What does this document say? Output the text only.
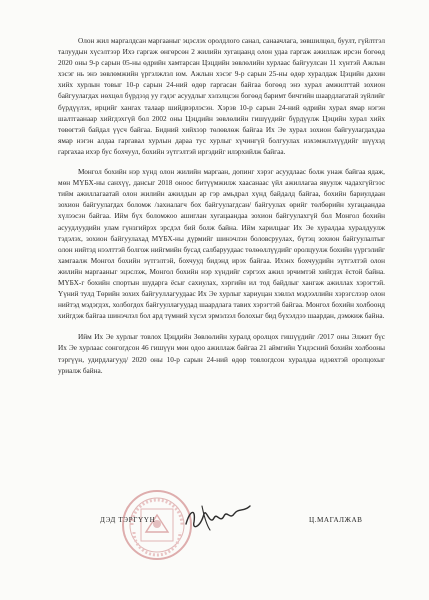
Олон жил маргалдсан маргааныг эцэслэх оролдлого санал, санаачлага, зөвшилцөл, буулт, гүйлтгэл талуудын хүсэлтээр Ихэ гаргаж өнгөрсөн 2 жилийн хугацаанд олон удаа гаргаж ажиллаж ирсэн богөөд 2020 оны 9-р сарын 05-ны өдрийн хамтарсан Цэцдийн зөвлөлийн хурлаас байгуулсан 11 хүнтэй Ажлын хэсэг нь энэ зөвлөмжийн үргэлжлэл юм. Ажлын хэсэг 9-р сарын 25-ны өдөр хуралдаж Цэцийн дахин хийх хурлын товыг 10-р сарын 24-ний өдөр гаргасан байгаа богөөд энэ хурал амжилттай зохион байгуулагдах нөхцөл бүрдээд уу гэдэг асуудлыг хэлэлцсэн богөөд баримт бичгийн шаардлагатай зүйлийг бүрдүүлэх, ирцийг хангах талаар шийдвэрлэсэн. Хэрэв 10-р сарын 24-ний өдрийн хурал ямар нэгэн шалтгаанаар хийгдэхгүй бол 2002 оны Цэцдийн зөвлөлийн гишүүдийг бүрдүүлж Цэцийн хурал хийх төвөгтэй байдал үүсч байгаа. Бидний хийхээр төлөвлөж байгаа Их Эе хурал зохион байгуулагдахдаа ямар нэгэн алдаа гаргавал хурлын дараа тус хурлыг хүчингүй болгуулах нэхэмжлэлүүдийг шүүхэд гаргахаа ихэр бус бохчуул, бохийн эүтгэлтэй иргэдийг илэрхийлж байгаа.

Монгол бохийн нэр хүнд олон жилийн маргаан, допинг хэрэг асуудлаас болж унаж байгаа ядаж, мөн МҮБХ-ны санхүү, дансыг 2018 оноос битүүмжилж хаасанаас үйл ажиллагаа явуулж чадахгүйгээс тийм ажиллагаатай олон жилийн ажилдын ар гэр амьдрал хүнд байдалд байгаа, бохийн бариулдаан зохион байгуулагдах боломж /захиалагч бох байгуулагдсан/ байгуулах өрийг төлбөрийн хугацаандаа хүлээсэн байгаа. Ийм бүх боломжоо ашиглан хугацаандаа зохион байгуулахгүй бол Монгол бохийн асуудлуудийн улам гүнзгийрэх эрсдэл бий болж байна. Ийм харилцааг Их Эе хуралдаа хуралдуулж тэдэлэх, зохион байгуулахад МҮБХ-ны дүрмийг шинэчлэн боловсруулах, бүтэц зохион байгуулалтыг олон нийтэд нээлттэй болгож нийгмийн бусад салбаруудаас төлөөллүүдийг оролцуулж бохийн үүргэлийг хамгаалж Монгол бохийн эүтгэлтэй, бохчууд бидэнд ирэх байгаа. Ихэнх бохчуудийн эүтгэлтэй олон жилийн маргааныг эцэслэж, Монгол бохийн нэр хүндийг сэргээх ажил эрчимтэй хийгдэх ёстой байна. МҮБХ-г бохийн спортын шударга ёсыг сахиулах, хэргийн ил тод байдлыг хангаж ажиллах хэрэгтэй. Үүний тулд Төрийн зохих байгууллагуудаас Их Эе хурлыг хариуцан хэвлэл мэдээллийн хэрэгслээр олон нийтэд мэдэгдэх, холбогдох байгууллагуудад шаардлага тавих хэрэгтэй байгаа. Монгол бохийн холбоонд хийгдэж байгаа шинэчлэл бол ард түмний хүсэл эрмэлзэл болохыг бид бүхэлдээ шаардан, дэмжиж байна.

Ийм Их Эе хурлыг товлох Цэцдийн Зөвлөлийн хуралд оролцох гишүүдийг /2017 оны Элжит бүс Их Эе хурлаас сонгогдсон 46 гишүүн мөн одоо ажиллаж байгаа 21 аймгийн Үндэсний бохийн холбооны тэргүүн, удирдлагууд/ 2020 оны 10-р сарын 24-ний өдөр товлогдсон хуралдаа идэвхтэй оролцохыг уриалж байна.

ДЭД ТЭРГҮҮН	Ц.МАГАЛЖАВ
